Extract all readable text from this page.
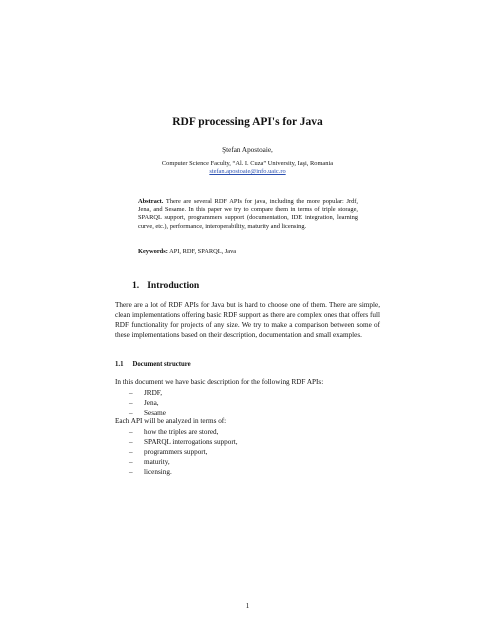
RDF processing API's for Java
Ştefan Apostoaie,
Computer Science Faculty, “Al. I. Cuza” University, Iaşi, Romania
stefan.apostoaie@info.uaic.ro
Abstract. There are several RDF APIs for java, including the more popular: Jrdf, Jena, and Sesame. In this paper we try to compare them in terms of triple storage, SPARQL support, programmers support (documentation, IDE integration, learning curve, etc.), performance, interoperability, maturity and licensing.
Keywords: API, RDF, SPARQL, Java
1. Introduction
There are a lot of RDF APIs for Java but is hard to choose one of them. There are simple, clean implementations offering basic RDF support as there are complex ones that offers full RDF functionality for projects of any size. We try to make a comparison between some of these implementations based on their description, documentation and small examples.
1.1 Document structure
In this document we have basic description for the following RDF APIs:
– JRDF,
– Jena,
– Sesame
Each API will be analyzed in terms of:
– how the triples are stored,
– SPARQL interrogations support,
– programmers support,
– maturity,
– licensing.
1
